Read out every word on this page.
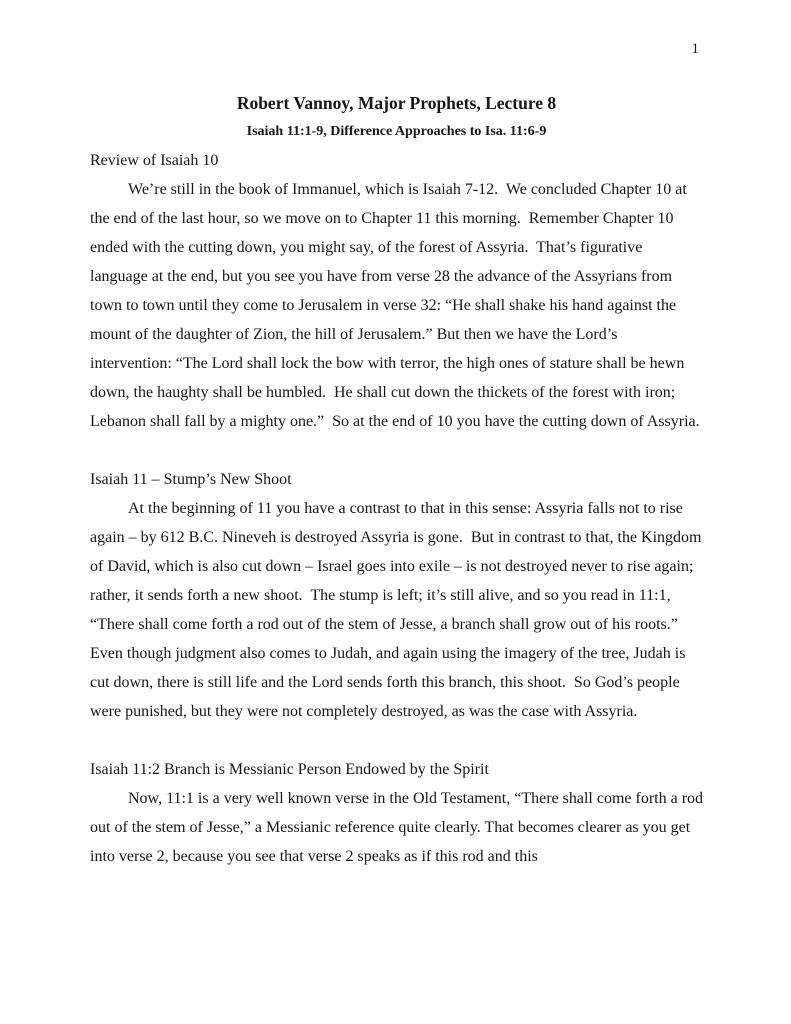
1
Robert Vannoy, Major Prophets, Lecture 8
Isaiah 11:1-9, Difference Approaches to Isa. 11:6-9
Review of Isaiah 10

We’re still in the book of Immanuel, which is Isaiah 7-12.  We concluded Chapter 10 at the end of the last hour, so we move on to Chapter 11 this morning.  Remember Chapter 10 ended with the cutting down, you might say, of the forest of Assyria.  That’s figurative language at the end, but you see you have from verse 28 the advance of the Assyrians from town to town until they come to Jerusalem in verse 32: “He shall shake his hand against the mount of the daughter of Zion, the hill of Jerusalem.” But then we have the Lord’s intervention: “The Lord shall lock the bow with terror, the high ones of stature shall be hewn down, the haughty shall be humbled.  He shall cut down the thickets of the forest with iron; Lebanon shall fall by a mighty one.”  So at the end of 10 you have the cutting down of Assyria.

Isaiah 11 – Stump’s New Shoot

At the beginning of 11 you have a contrast to that in this sense: Assyria falls not to rise again – by 612 B.C. Nineveh is destroyed Assyria is gone.  But in contrast to that, the Kingdom of David, which is also cut down – Israel goes into exile – is not destroyed never to rise again; rather, it sends forth a new shoot.  The stump is left; it’s still alive, and so you read in 11:1, “There shall come forth a rod out of the stem of Jesse, a branch shall grow out of his roots.”  Even though judgment also comes to Judah, and again using the imagery of the tree, Judah is cut down, there is still life and the Lord sends forth this branch, this shoot.  So God’s people were punished, but they were not completely destroyed, as was the case with Assyria.

Isaiah 11:2 Branch is Messianic Person Endowed by the Spirit

Now, 11:1 is a very well known verse in the Old Testament, “There shall come forth a rod out of the stem of Jesse,” a Messianic reference quite clearly. That becomes clearer as you get into verse 2, because you see that verse 2 speaks as if this rod and this
